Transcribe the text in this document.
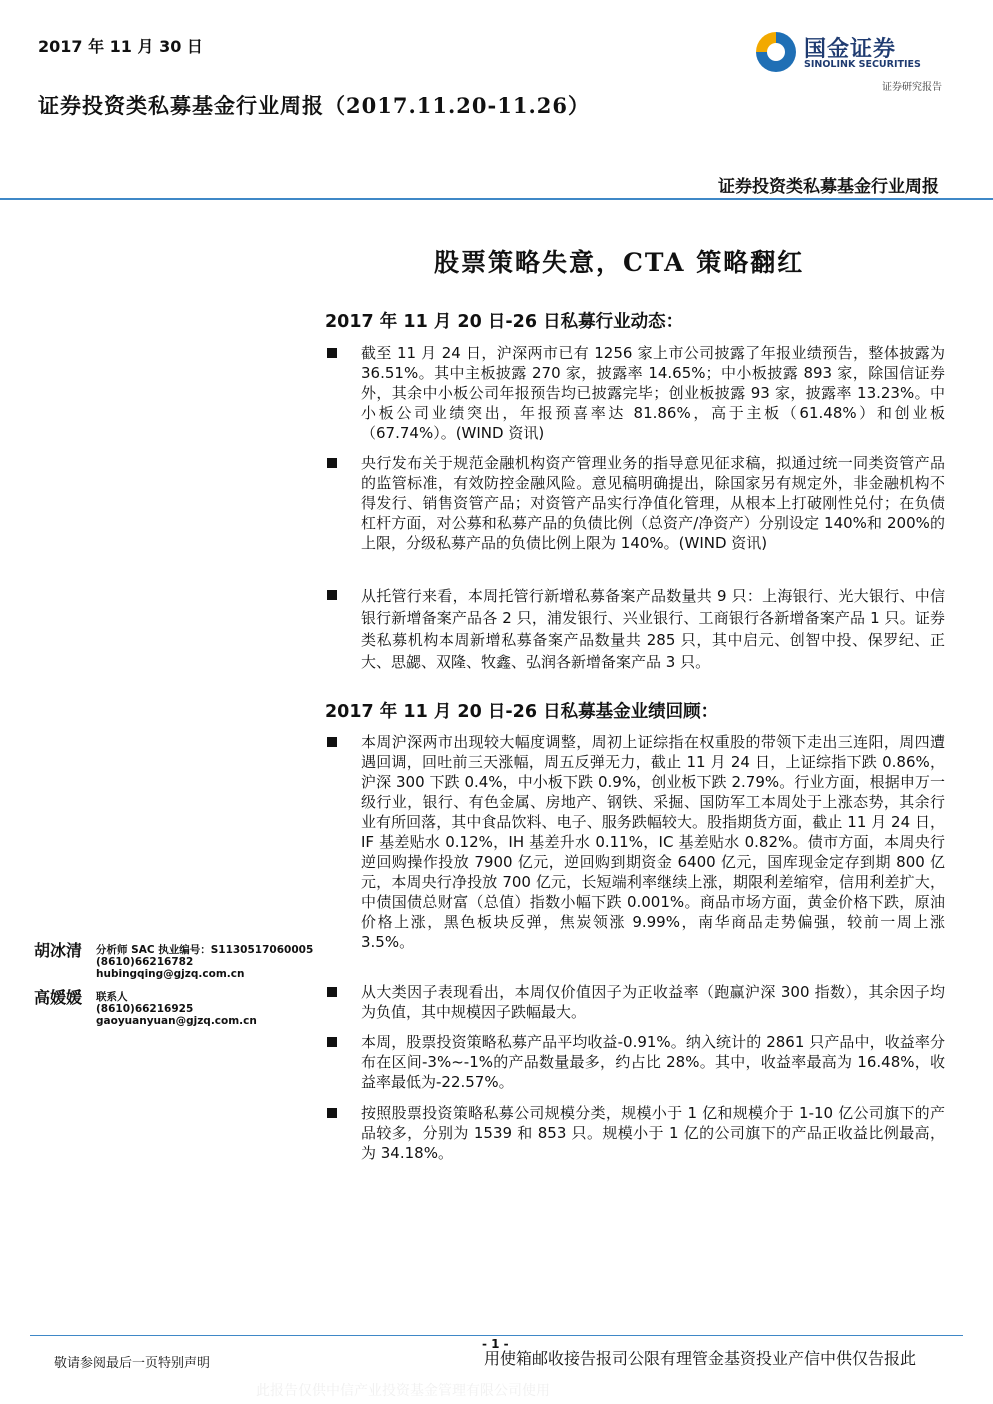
2017 年 11 月 30 日
证券投资类私募基金行业周报（2017.11.20-11.26）
国金证券
SINOLINK SECURITIES
证券研究报告
证券投资类私募基金行业周报
股票策略失意，CTA 策略翻红
2017 年 11 月 20 日-26 日私募行业动态：
截至 11 月 24 日，沪深两市已有 1256 家上市公司披露了年报业绩预告，整体披露为 36.51%。其中主板披露 270 家，披露率 14.65%；中小板披露 893 家，除国信证券外，其余中小板公司年报预告均已披露完毕；创业板披露 93 家，披露率 13.23%。中小板公司业绩突出，年报预喜率达 81.86%，高于主板（61.48%）和创业板（67.74%）。(WIND 资讯)
央行发布关于规范金融机构资产管理业务的指导意见征求稿，拟通过统一同类资管产品的监管标准，有效防控金融风险。意见稿明确提出，除国家另有规定外，非金融机构不得发行、销售资管产品；对资管产品实行净值化管理，从根本上打破刚性兑付；在负债杠杆方面，对公募和私募产品的负债比例（总资产/净资产）分别设定 140%和 200%的上限，分级私募产品的负债比例上限为 140%。(WIND 资讯)
从托管行来看，本周托管行新增私募备案产品数量共 9 只：上海银行、光大银行、中信银行新增备案产品各 2 只，浦发银行、兴业银行、工商银行各新增备案产品 1 只。证券类私募机构本周新增私募备案产品数量共 285 只，其中启元、创智中投、保罗纪、正大、思勰、双隆、牧鑫、弘润各新增备案产品 3 只。
2017 年 11 月 20 日-26 日私募基金业绩回顾：
本周沪深两市出现较大幅度调整，周初上证综指在权重股的带领下走出三连阳，周四遭遇回调，回吐前三天涨幅，周五反弹无力，截止 11 月 24 日，上证综指下跌 0.86%，沪深 300 下跌 0.4%，中小板下跌 0.9%，创业板下跌 2.79%。行业方面，根据申万一级行业，银行、有色金属、房地产、钢铁、采掘、国防军工本周处于上涨态势，其余行业有所回落，其中食品饮料、电子、服务跌幅较大。股指期货方面，截止 11 月 24 日，IF 基差贴水 0.12%，IH 基差升水 0.11%，IC 基差贴水 0.82%。债市方面，本周央行逆回购操作投放 7900 亿元，逆回购到期资金 6400 亿元，国库现金定存到期 800 亿元，本周央行净投放 700 亿元，长短端利率继续上涨，期限利差缩窄，信用利差扩大，中债国债总财富（总值）指数小幅下跌 0.001%。商品市场方面，黄金价格下跌，原油价格上涨，黑色板块反弹，焦炭领涨 9.99%，南华商品走势偏强，较前一周上涨 3.5%。
从大类因子表现看出，本周仅价值因子为正收益率（跑赢沪深 300 指数），其余因子均为负值，其中规模因子跌幅最大。
本周，股票投资策略私募产品平均收益-0.91%。纳入统计的 2861 只产品中，收益率分布在区间-3%~-1%的产品数量最多，约占比 28%。其中，收益率最高为 16.48%，收益率最低为-22.57%。
按照股票投资策略私募公司规模分类，规模小于 1 亿和规模介于 1-10 亿公司旗下的产品较多，分别为 1539 和 853 只。规模小于 1 亿的公司旗下的产品正收益比例最高，为 34.18%。
胡冰清 分析师 SAC 执业编号：S1130517060005
(8610)66216782
hubingqing@gjzq.com.cn
高媛媛 联系人
(8610)66216925
gaoyuanyuan@gjzq.com.cn
- 1 -
敬请参阅最后一页特别声明	用使箱邮收接告报司公限有理管金基资投业产信中供仅告报此
此报告仅供中信产业投资基金管理有限公司使用
